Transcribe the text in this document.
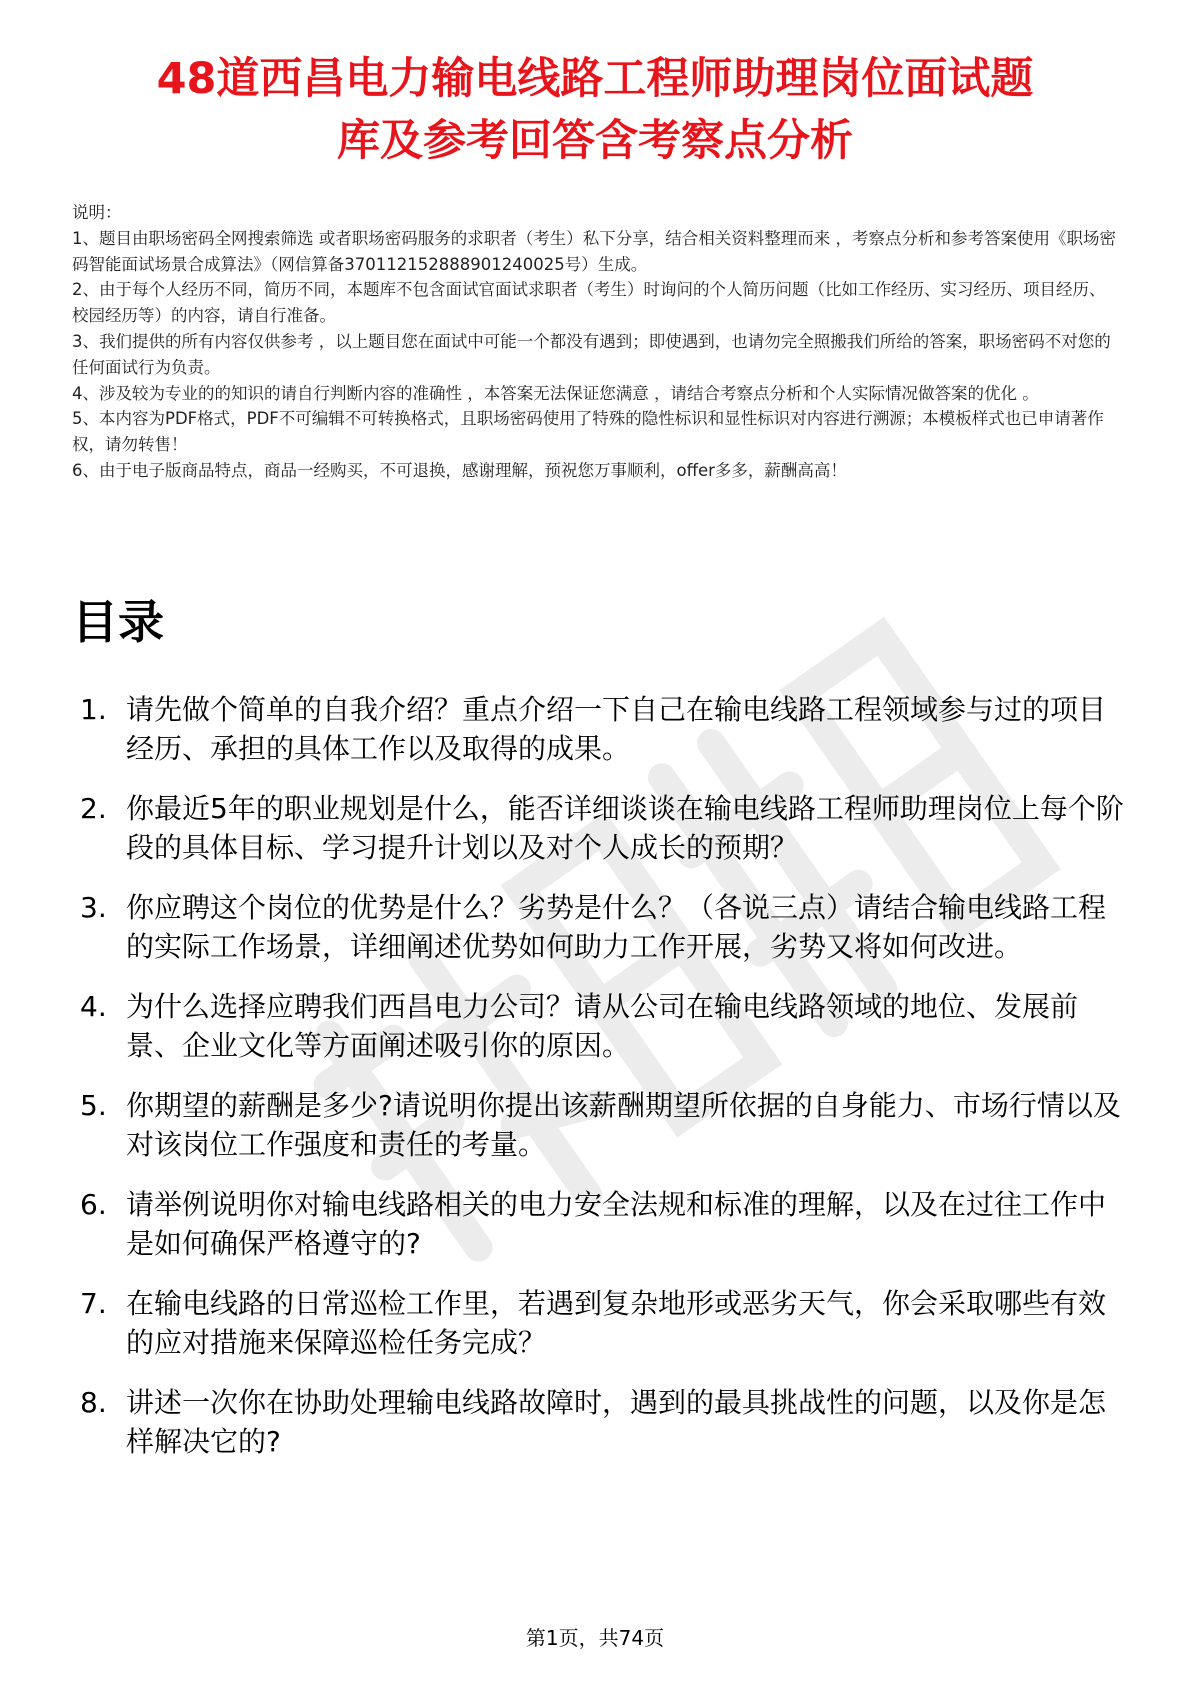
48道西昌电力输电线路工程师助理岗位面试题
库及参考回答含考察点分析

说明：

1、题目由职场密码全网搜索筛选 或者职场密码服务的求职者（考生）私下分享，结合相关资料整理而来 ，考察点分析和参考答案使用《职场密码智能面试场景合成算法》（网信算备370112152888901240025号）生成。

2、由于每个人经历不同，简历不同，本题库不包含面试官面试求职者（考生）时询问的个人简历问题（比如工作经历、实习经历、项目经历、校园经历等）的内容，请自行准备。

3、我们提供的所有内容仅供参考 ，以上题目您在面试中可能一个都没有遇到；即使遇到，也请勿完全照搬我们所给的答案，职场密码不对您的任何面试行为负责。

4、涉及较为专业的的知识的请自行判断内容的准确性 ，本答案无法保证您满意 ，请结合考察点分析和个人实际情况做答案的优化 。

5、本内容为PDF格式，PDF不可编辑不可转换格式，且职场密码使用了特殊的隐性标识和显性标识对内容进行溯源；本模板样式也已申请著作权，请勿转售！

6、由于电子版商品特点，商品一经购买，不可退换，感谢理解，预祝您万事顺利，offer多多，薪酬高高！

目录
1. 请先做个简单的自我介绍？重点介绍一下自己在输电线路工程领域参与过的项目经历、承担的具体工作以及取得的成果。
2. 你最近5年的职业规划是什么，能否详细谈谈在输电线路工程师助理岗位上每个阶段的具体目标、学习提升计划以及对个人成长的预期？
3. 你应聘这个岗位的优势是什么？劣势是什么？（各说三点）请结合输电线路工程的实际工作场景，详细阐述优势如何助力工作开展，劣势又将如何改进。
4. 为什么选择应聘我们西昌电力公司？请从公司在输电线路领域的地位、发展前景、企业文化等方面阐述吸引你的原因。
5. 你期望的薪酬是多少?请说明你提出该薪酬期望所依据的自身能力、市场行情以及对该岗位工作强度和责任的考量。
6. 请举例说明你对输电线路相关的电力安全法规和标准的理解，以及在过往工作中是如何确保严格遵守的?
7. 在输电线路的日常巡检工作里，若遇到复杂地形或恶劣天气，你会采取哪些有效的应对措施来保障巡检任务完成？
8. 讲述一次你在协助处理输电线路故障时，遇到的最具挑战性的问题，以及你是怎样解决它的?
第1页，共74页
